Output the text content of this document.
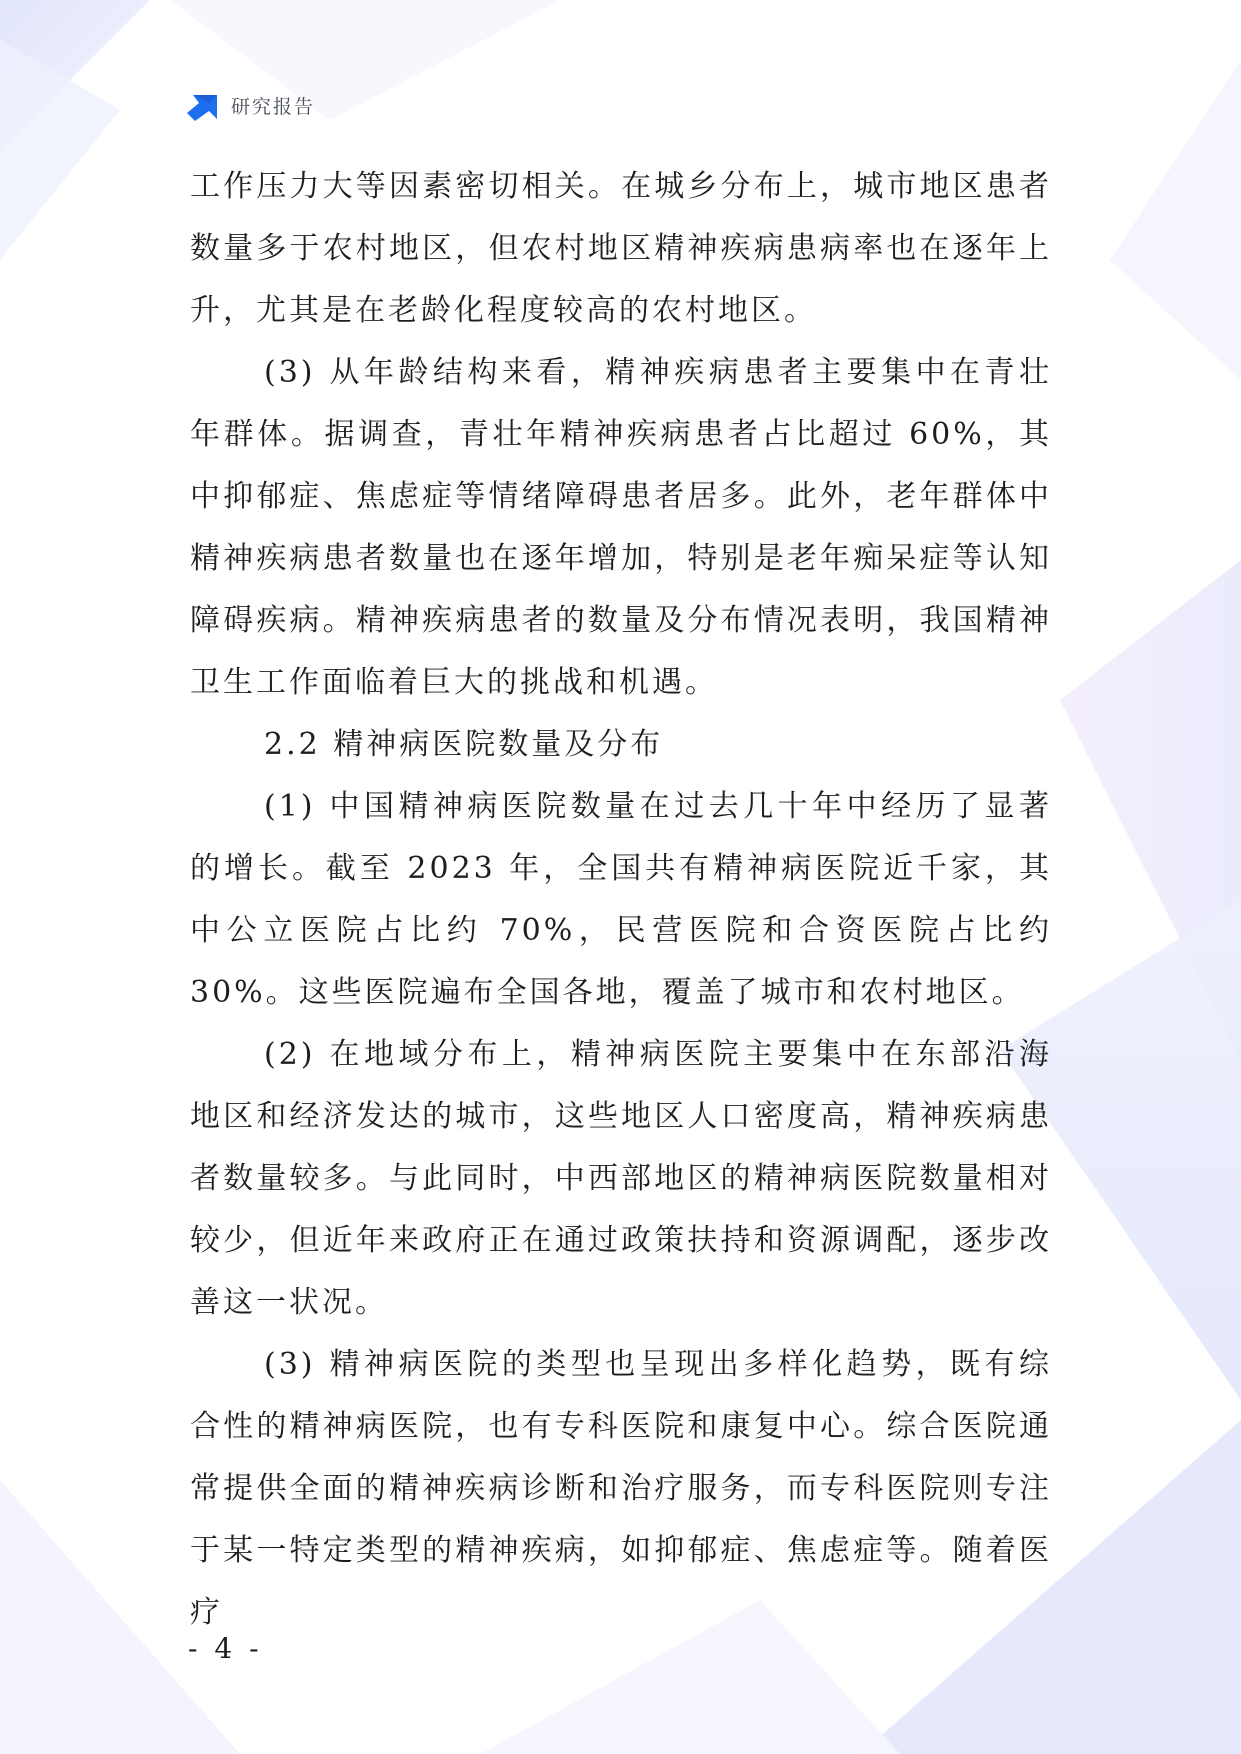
研究报告

工作压力大等因素密切相关。在城乡分布上，城市地区患者数量多于农村地区，但农村地区精神疾病患病率也在逐年上升，尤其是在老龄化程度较高的农村地区。

(3) 从年龄结构来看，精神疾病患者主要集中在青壮年群体。据调查，青壮年精神疾病患者占比超过 60%，其中抑郁症、焦虑症等情绪障碍患者居多。此外，老年群体中精神疾病患者数量也在逐年增加，特别是老年痴呆症等认知障碍疾病。精神疾病患者的数量及分布情况表明，我国精神卫生工作面临着巨大的挑战和机遇。

2.2 精神病医院数量及分布

(1) 中国精神病医院数量在过去几十年中经历了显著的增长。截至 2023 年，全国共有精神病医院近千家，其中公立医院占比约 70%，民营医院和合资医院占比约 30%。这些医院遍布全国各地，覆盖了城市和农村地区。

(2) 在地域分布上，精神病医院主要集中在东部沿海地区和经济发达的城市，这些地区人口密度高，精神疾病患者数量较多。与此同时，中西部地区的精神病医院数量相对较少，但近年来政府正在通过政策扶持和资源调配，逐步改善这一状况。

(3) 精神病医院的类型也呈现出多样化趋势，既有综合性的精神病医院，也有专科医院和康复中心。综合医院通常提供全面的精神疾病诊断和治疗服务，而专科医院则专注于某一特定类型的精神疾病，如抑郁症、焦虑症等。随着医疗

- 4 -
